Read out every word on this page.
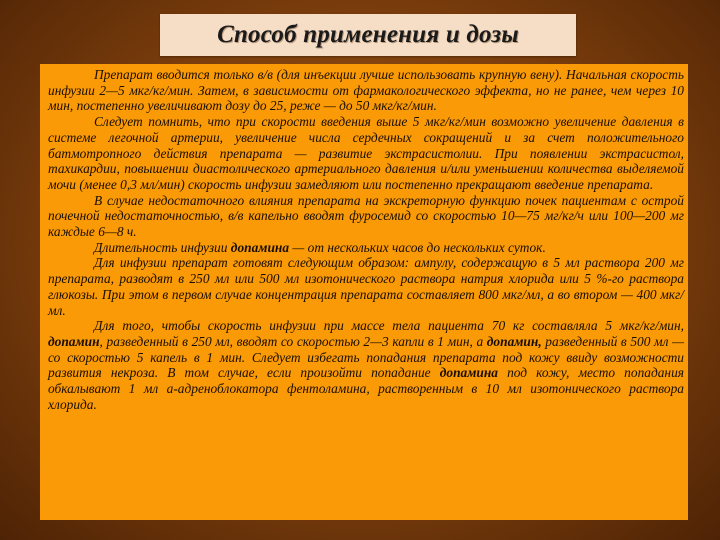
Способ применения и дозы

Препарат вводится только в/в (для инъекции лучше использовать крупную вену). Начальная скорость инфузии 2—5 мкг/кг/мин. Затем, в зависимости от фармакологического эффекта, но не ранее, чем через 10 мин, постепенно увеличивают дозу до 25, реже — до 50 мкг/кг/мин.

Следует помнить, что при скорости введения выше 5 мкг/кг/мин возможно увеличение давления в системе легочной артерии, увеличение числа сердечных сокращений и за счет положительного батмотропного действия препарата — развитие экстрасистолии. При появлении экстрасистол, тахикардии, повышении диастолического артериального давления и/или уменьшении количества выделяемой мочи (менее 0,3 мл/мин) скорость инфузии замедляют или постепенно прекращают введение препарата.

В случае недостаточного влияния препарата на экскреторную функцию почек пациентам с острой почечной недостаточностью, в/в капельно вводят фуросемид со скоростью 10—75 мг/кг/ч или 100—200 мг каждые 6—8 ч.

Длительность инфузии допамина — от нескольких часов до нескольких суток.

Для инфузии препарат готовят следующим образом: ампулу, содержащую в 5 мл раствора 200 мг препарата, разводят в 250 мл или 500 мл изотонического раствора натрия хлорида или 5 %-го раствора глюкозы. При этом в первом случае концентрация препарата составляет 800 мкг/мл, а во втором — 400 мкг/мл.

Для того, чтобы скорость инфузии при массе тела пациента 70 кг составляла 5 мкг/кг/мин, допамин, разведенный в 250 мл, вводят со скоростью 2—3 капли в 1 мин, а допамин, разведенный в 500 мл — со скоростью 5 капель в 1 мин. Следует избегать попадания препарата под кожу ввиду возможности развития некроза. В том случае, если произойти попадание допамина под кожу, место попадания обкалывают 1 мл а-адреноблокатора фентоламина, растворенным в 10 мл изотонического раствора хлорида.
